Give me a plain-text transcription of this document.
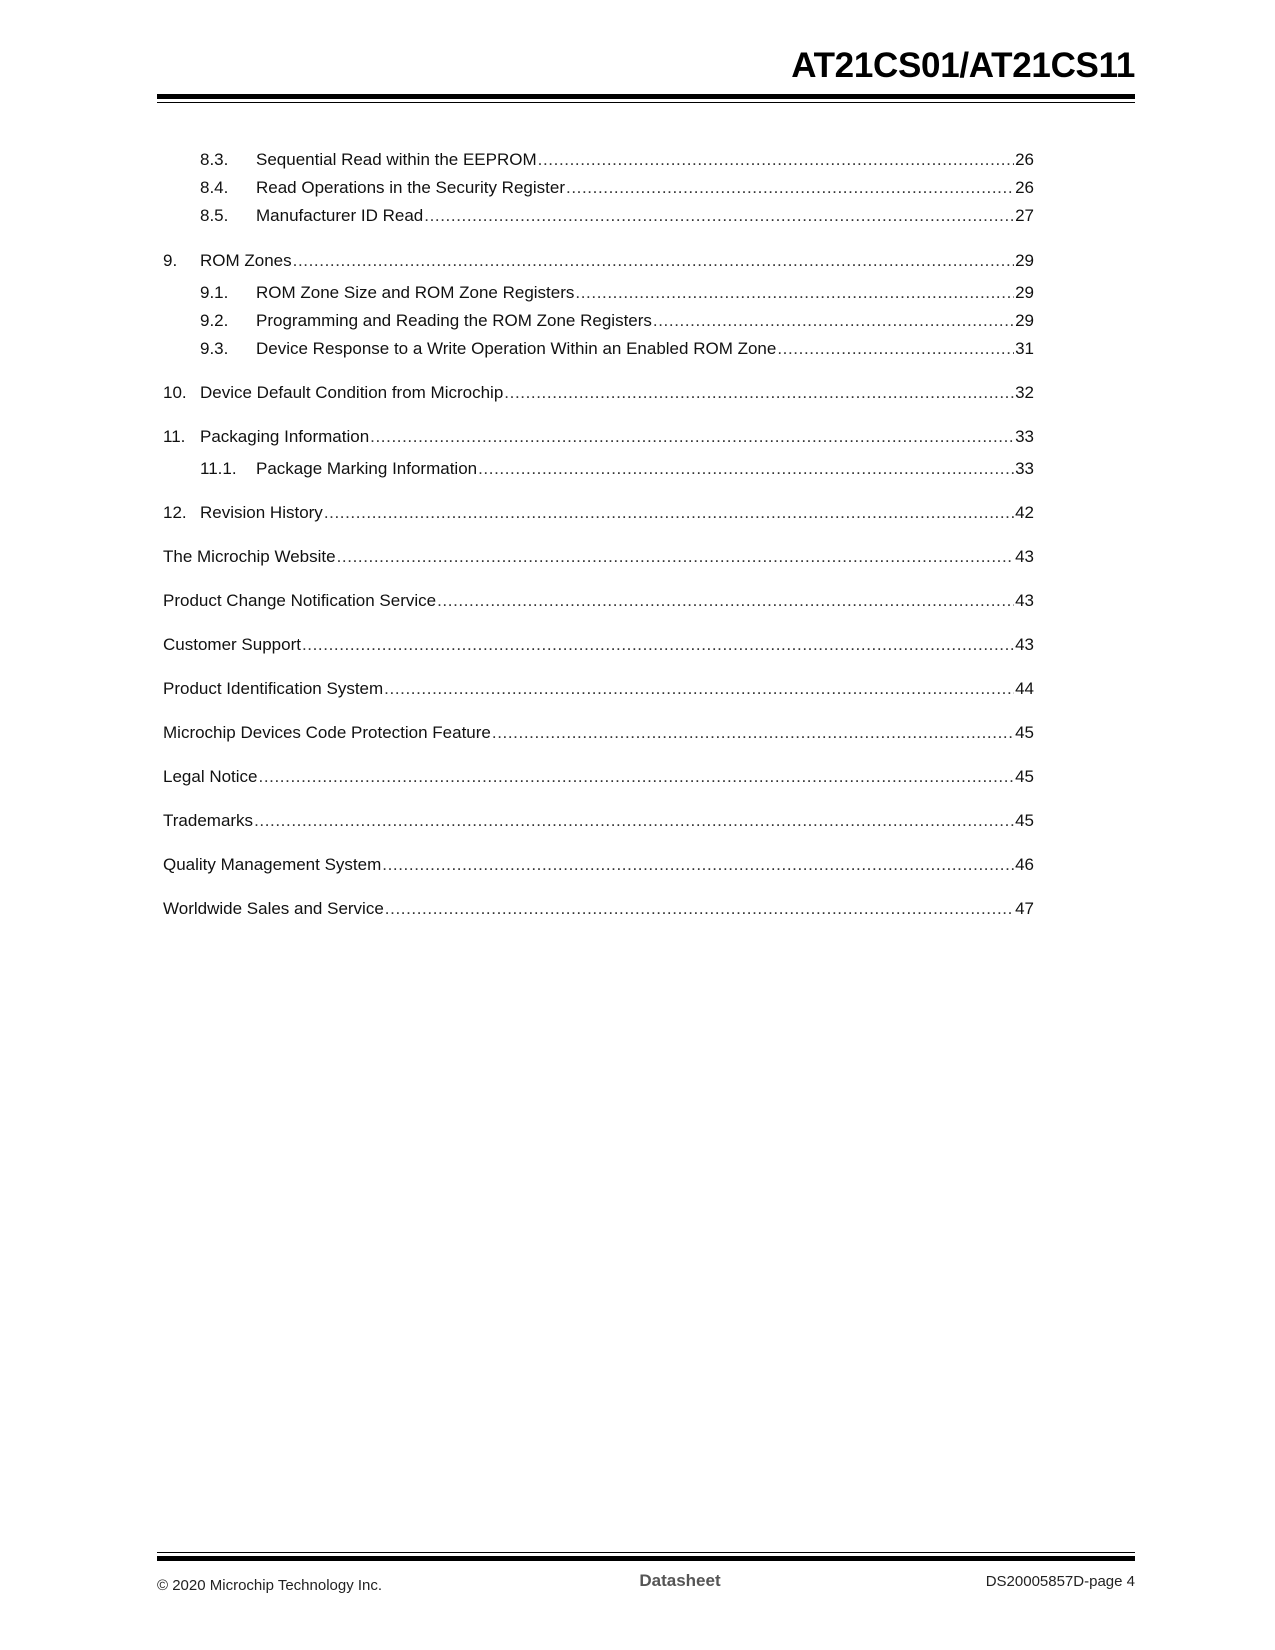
AT21CS01/AT21CS11
8.3.	Sequential Read within the EEPROM .....	26
8.4.	Read Operations in the Security Register .....	26
8.5.	Manufacturer ID Read .....	27
9.	ROM Zones .....	29
9.1.	ROM Zone Size and ROM Zone Registers .....	29
9.2.	Programming and Reading the ROM Zone Registers .....	29
9.3.	Device Response to a Write Operation Within an Enabled ROM Zone .....	31
10. Device Default Condition from Microchip .....	32
11. Packaging Information .....	33
11.1.	Package Marking Information .....	33
12. Revision History .....	42
The Microchip Website .....	43
Product Change Notification Service .....	43
Customer Support .....	43
Product Identification System .....	44
Microchip Devices Code Protection Feature .....	45
Legal Notice .....	45
Trademarks .....	45
Quality Management System .....	46
Worldwide Sales and Service .....	47
© 2020 Microchip Technology Inc.	Datasheet	DS20005857D-page 4
